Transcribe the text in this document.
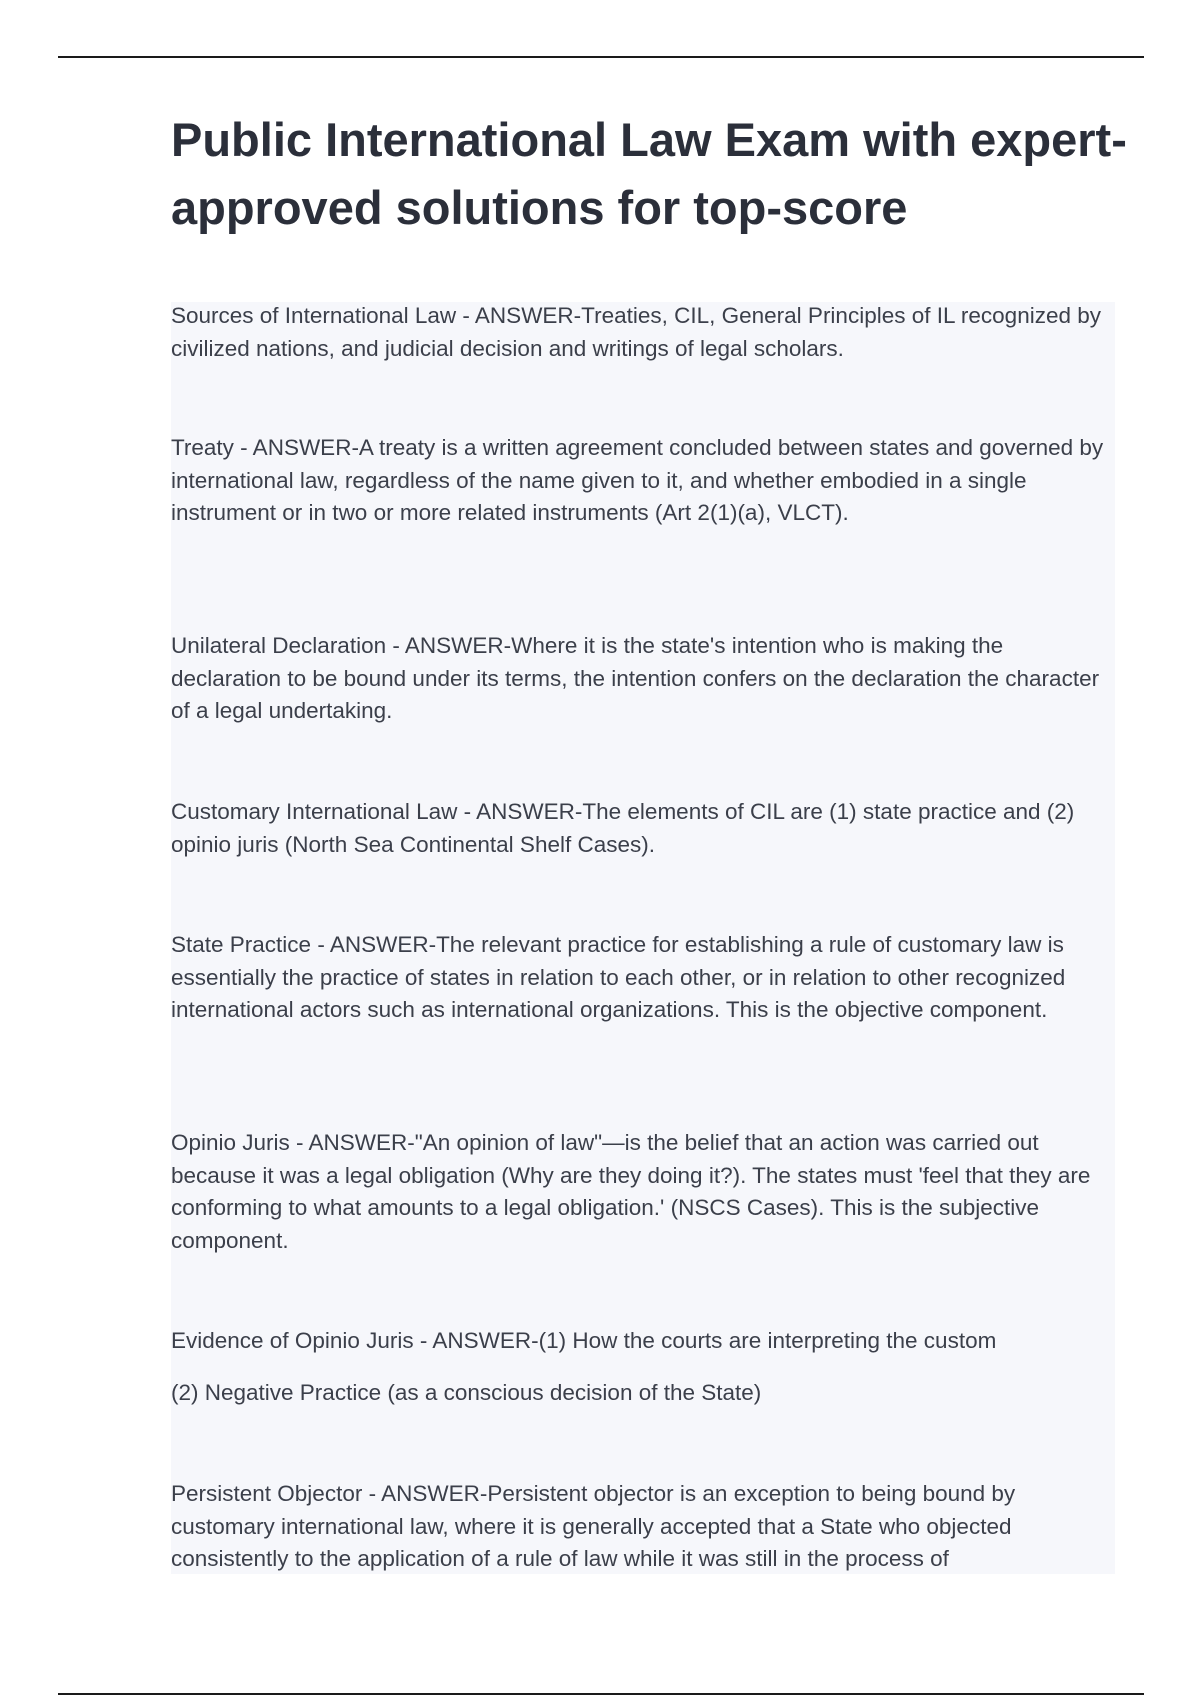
Public International Law Exam with expert-approved solutions for top-score

Sources of International Law - ANSWER-Treaties, CIL, General Principles of IL recognized by civilized nations, and judicial decision and writings of legal scholars.

Treaty - ANSWER-A treaty is a written agreement concluded between states and governed by international law, regardless of the name given to it, and whether embodied in a single instrument or in two or more related instruments (Art 2(1)(a), VLCT).

Unilateral Declaration - ANSWER-Where it is the state's intention who is making the declaration to be bound under its terms, the intention confers on the declaration the character of a legal undertaking.

Customary International Law - ANSWER-The elements of CIL are (1) state practice and (2) opinio juris (North Sea Continental Shelf Cases).

State Practice - ANSWER-The relevant practice for establishing a rule of customary law is essentially the practice of states in relation to each other, or in relation to other recognized international actors such as international organizations. This is the objective component.

Opinio Juris - ANSWER-"An opinion of law"—is the belief that an action was carried out because it was a legal obligation (Why are they doing it?). The states must 'feel that they are conforming to what amounts to a legal obligation.' (NSCS Cases). This is the subjective component.

Evidence of Opinio Juris - ANSWER-(1) How the courts are interpreting the custom

(2) Negative Practice (as a conscious decision of the State)

Persistent Objector - ANSWER-Persistent objector is an exception to being bound by customary international law, where it is generally accepted that a State who objected consistently to the application of a rule of law while it was still in the process of
